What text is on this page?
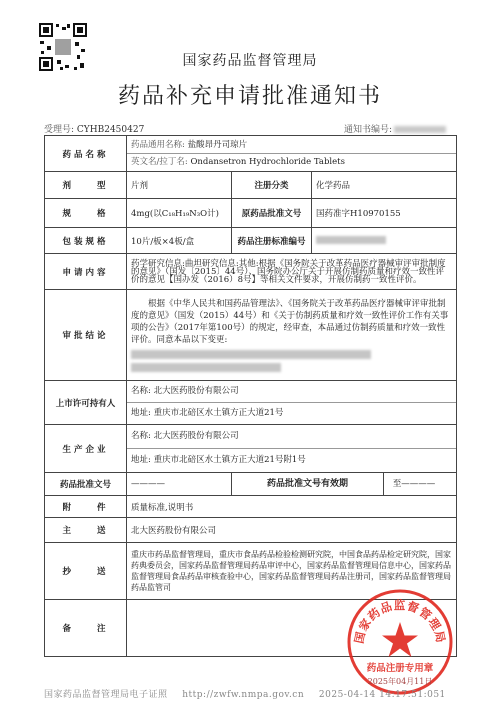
国家药品监督管理局
药品补充申请批准通知书
受理号: CYHB2450427	通知书编号:
药品名称	药品通用名称: 盐酸昂丹司琼片
英文名/拉丁名: Ondansetron Hydrochloride Tablets		

剂　　型	片剂	注册分类	化学药品
规　　格	4mg(以C₁₈H₁₉N₃O计)	原药品批准文号	国药准字H10970155
包装规格	10片/板×4板/盒	药品注册标准编号	
申请内容	药学研究信息:曲坦研究信息:其他:根据《国务院关于改革药品医疗器械审评审批制度的意见》（国发〔2015〕44号）、国务院办公厅关于开展仿制药质量和疗效一致性评价的意见【国办发（2016）8号】等相关文件要求，开展仿制药一致性评价。		
审批结论	根据《中华人民共和国药品管理法》、《国务院关于改革药品医疗器械审评审批制度的意见》（国发（2015）44号）和《关于仿制药质量和疗效一致性评价工作有关事项的公告》（2017年第100号）的规定，经审查，本品通过仿制药质量和疗效一致性评价。同意本品以下变更:		

上市许可持有人	名称: 北大医药股份有限公司
地址: 重庆市北碚区水土镇方正大道21号		

生产企业	名称: 北大医药股份有限公司
地址: 重庆市北碚区水土镇方正大道21号附1号		

药品批准文号	————	药品批准文号有效期 至————	
附　　件	质量标准,说明书		
主　　送	北大医药股份有限公司		
抄　　送	重庆市药品监督管理局，重庆市食品药品检验检测研究院，中国食品药品检定研究院，国家药典委员会，国家药品监督管理局药品审评中心，国家药品监督管理局信息中心，国家药品监督管理局食品药品审核查验中心，国家药品监督管理局药品注册司，国家药品监督管理局药品监管司		
备　　注			
国家药品监督管理局
药品注册专用章
2025年04月11日
国家药品监督管理局电子证照 http://zwfw.nmpa.gov.cn 2025-04-14 14:17:51:051
